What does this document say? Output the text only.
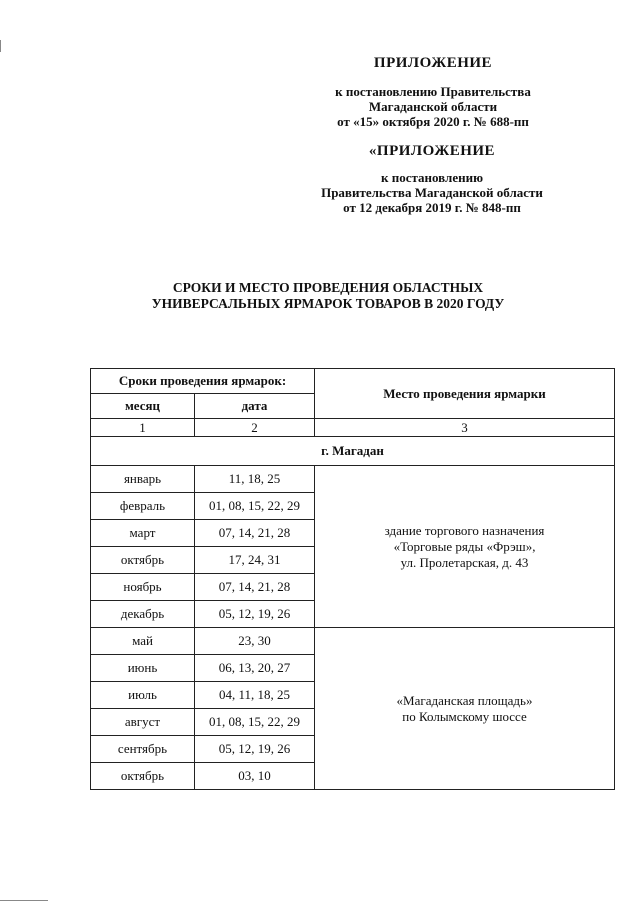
ПРИЛОЖЕНИЕ
к постановлению Правительства
Магаданской области
от «15» октября 2020 г. № 688-пп
«ПРИЛОЖЕНИЕ
к постановлению
Правительства Магаданской области
от 12 декабря 2019 г. № 848-пп
СРОКИ И МЕСТО ПРОВЕДЕНИЯ ОБЛАСТНЫХ
УНИВЕРСАЛЬНЫХ ЯРМАРОК ТОВАРОВ В 2020 ГОДУ
Сроки проведения ярмарок:		Место проведения ярмарки
месяц	дата	
1	2	3
г. Магадан		
январь	11, 18, 25	здание торгового назначения
«Торговые ряды «Фрэш»,
ул. Пролетарская, д. 43

февраль	01, 08, 15, 22, 29	
март	07, 14, 21, 28	
октябрь	17, 24, 31	
ноябрь	07, 14, 21, 28	
декабрь	05, 12, 19, 26	
май	23, 30	«Магаданская площадь»
по Колымскому шоссе

июнь	06, 13, 20, 27	
июль	04, 11, 18, 25	
август	01, 08, 15, 22, 29	
сентябрь	05, 12, 19, 26	
октябрь	03, 10	
